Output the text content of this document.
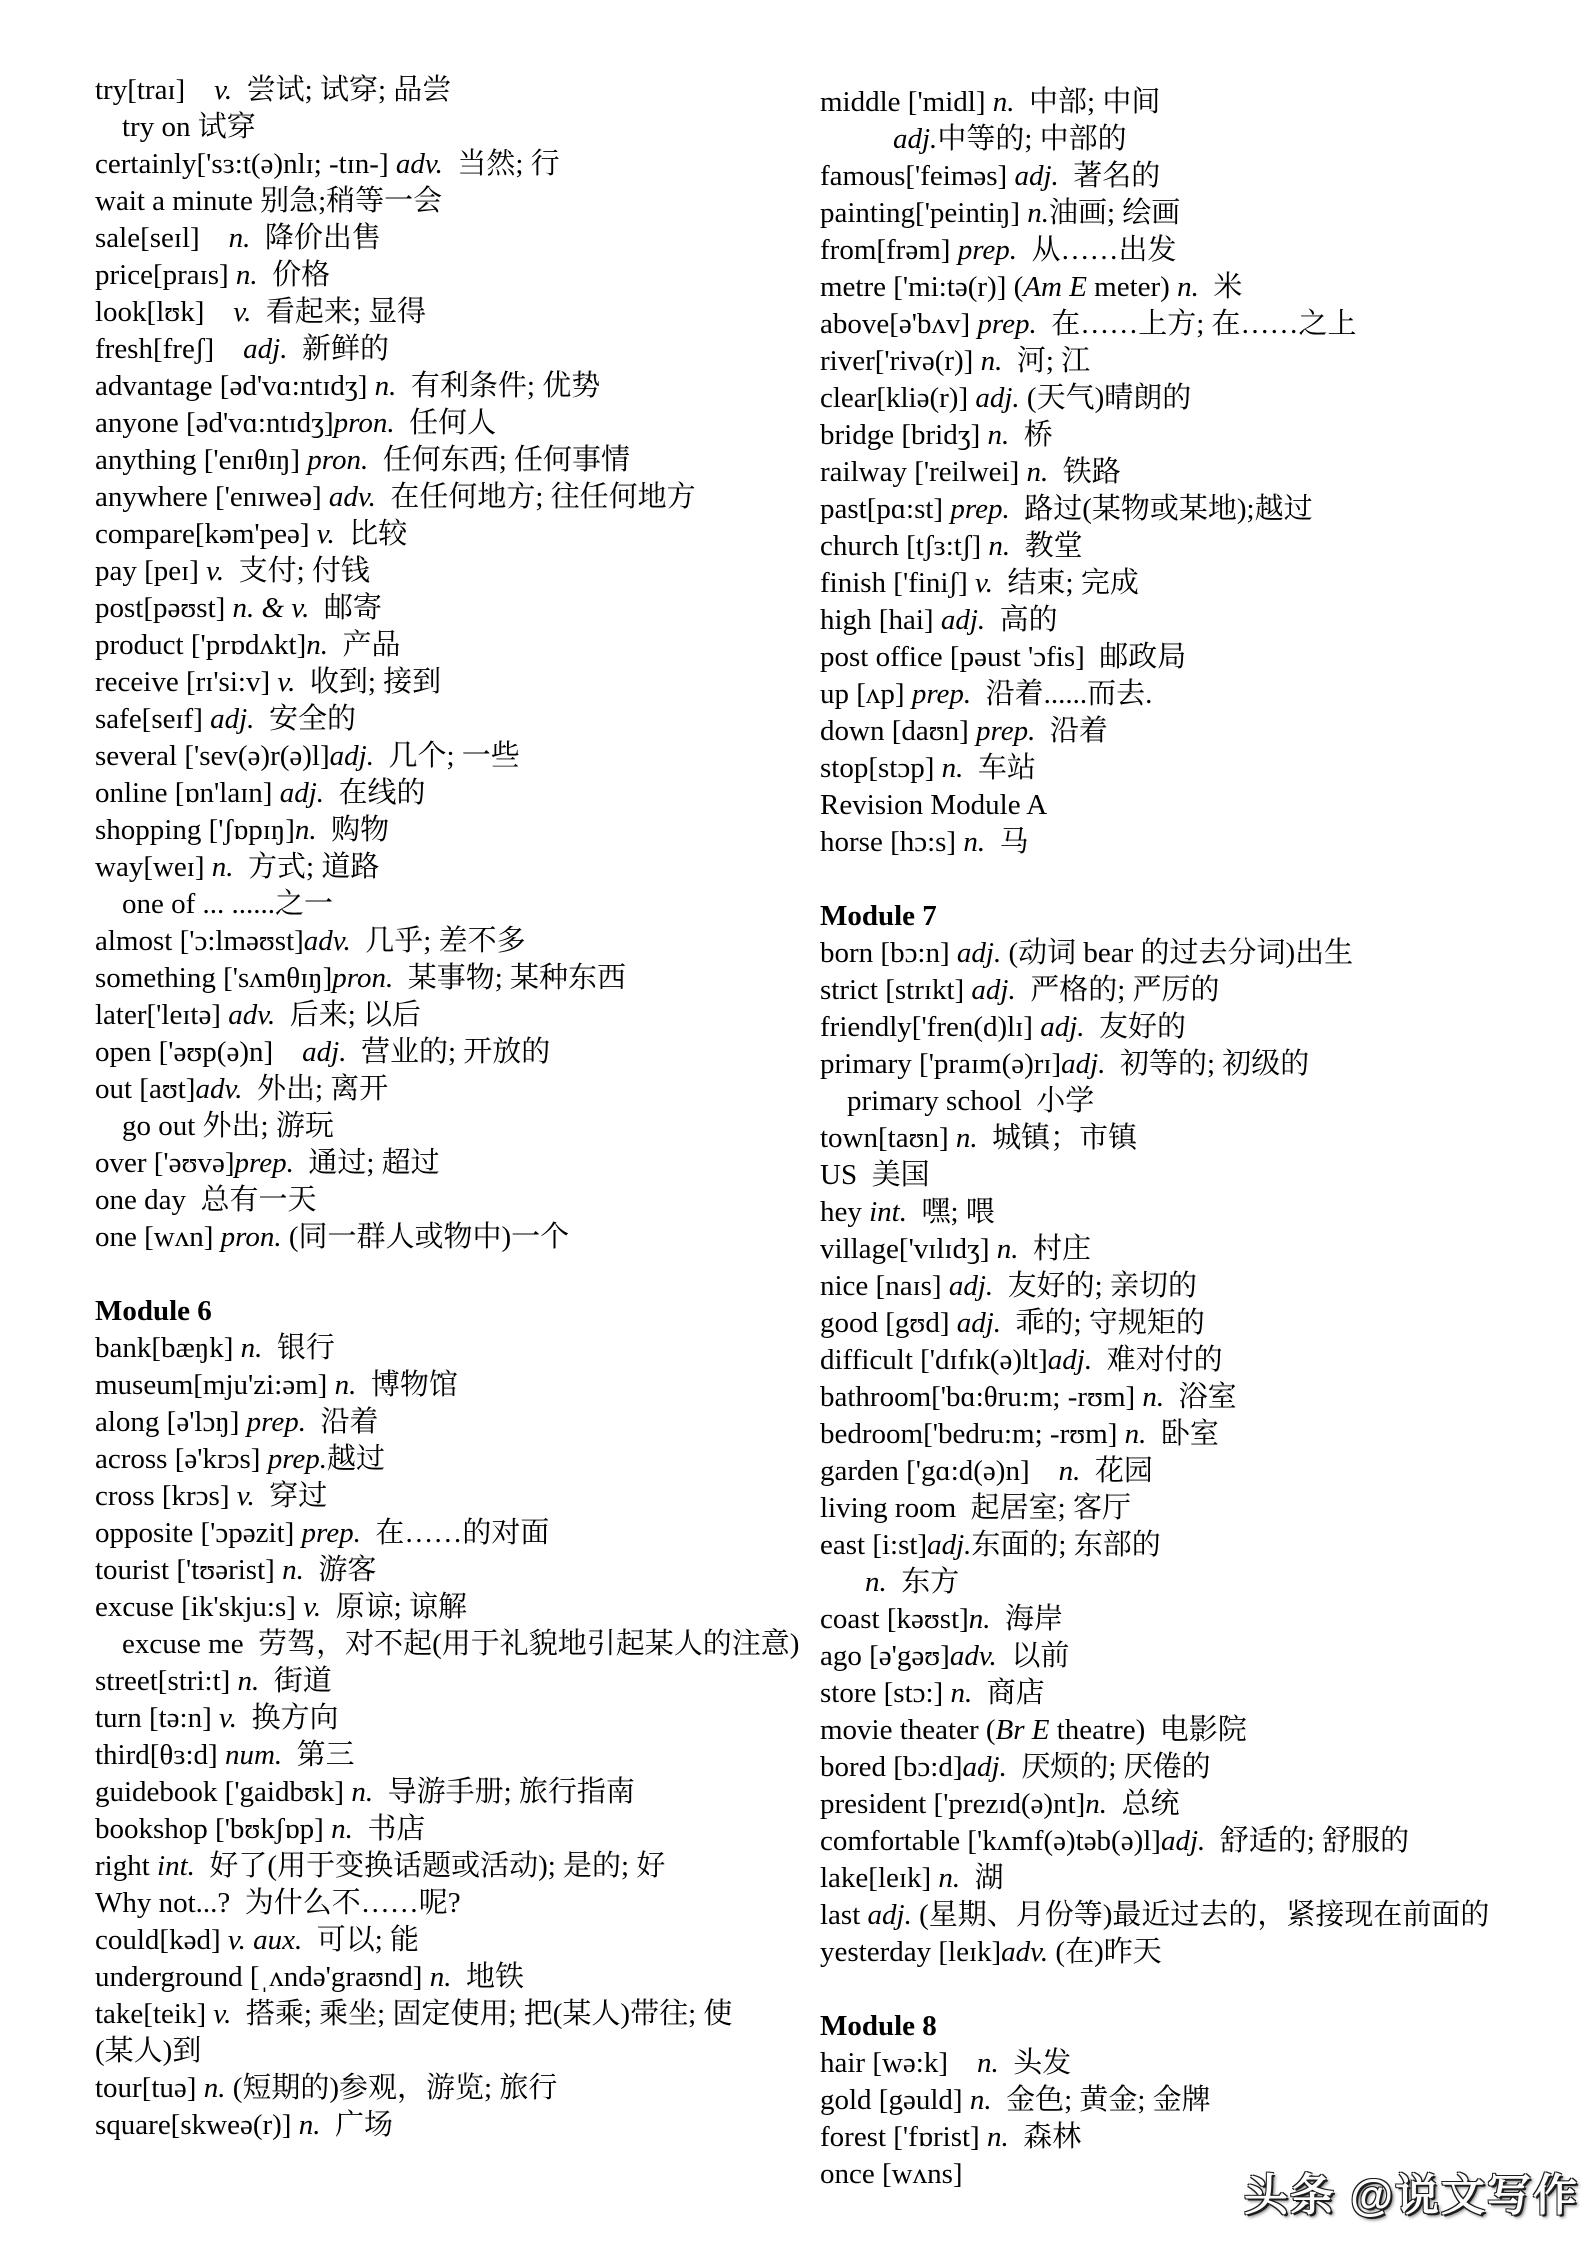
try[traɪ]    v.  尝试; 试穿; 品尝
try on 试穿
certainly['sɜ:t(ə)nlɪ; -tɪn-] adv.  当然; 行
wait a minute 别急;稍等一会
sale[seɪl]    n.  降价出售
price[praɪs] n.  价格
look[lʊk]    v.  看起来; 显得
fresh[freʃ]    adj.  新鲜的
advantage [əd'vɑ:ntɪdʒ] n.  有利条件; 优势
anyone [əd'vɑ:ntɪdʒ]pron.  任何人
anything ['enɪθɪŋ] pron.  任何东西; 任何事情
anywhere ['enɪweə] adv.  在任何地方; 往任何地方
compare[kəm'peə] v.  比较
pay [peɪ] v.  支付; 付钱
post[pəʊst] n. & v.  邮寄
product ['prɒdʌkt]n.  产品
receive [rɪ'si:v] v.  收到; 接到
safe[seɪf] adj.  安全的
several ['sev(ə)r(ə)l]adj.  几个; 一些
online [ɒn'laɪn] adj.  在线的
shopping ['ʃɒpɪŋ]n.  购物
way[weɪ] n.  方式; 道路
one of ... ......之一
almost ['ɔ:lməʊst]adv.  几乎; 差不多
something ['sʌmθɪŋ]pron.  某事物; 某种东西
later['leɪtə] adv.  后来; 以后
open ['əʊp(ə)n]    adj.  营业的; 开放的
out [aʊt]adv.  外出; 离开
go out 外出; 游玩
over ['əʊvə]prep.  通过; 超过
one day  总有一天
one [wʌn] pron. (同一群人或物中)一个
Module 6
bank[bæŋk] n.  银行
museum[mju'zi:əm] n.  博物馆
along [ə'lɔŋ] prep.  沿着
across [ə'krɔs] prep.越过
cross [krɔs] v.  穿过
opposite ['ɔpəzit] prep.  在……的对面
tourist ['tʊərist] n.  游客
excuse [ik'skju:s] v.  原谅; 谅解
excuse me  劳驾，对不起(用于礼貌地引起某人的注意)
street[stri:t] n.  街道
turn [tə:n] v.  换方向
third[θɜ:d] num.  第三
guidebook ['gaidbʊk] n.  导游手册; 旅行指南
bookshop ['bʊkʃɒp] n.  书店
right int.  好了(用于变换话题或活动); 是的; 好
Why not...?  为什么不……呢?
could[kəd] v. aux.  可以; 能
underground [ˌʌndə'graʊnd] n.  地铁
take[teik] v.  搭乘; 乘坐; 固定使用; 把(某人)带往; 使
(某人)到
tour[tuə] n. (短期的)参观，游览; 旅行
square[skweə(r)] n.  广场
middle ['midl] n.  中部; 中间
adj.中等的; 中部的
famous['feiməs] adj.  著名的
painting['peintiŋ] n.油画; 绘画
from[frəm] prep.  从……出发
metre ['mi:tə(r)] (Am E meter) n.  米
above[ə'bʌv] prep.  在……上方; 在……之上
river['rivə(r)] n.  河; 江
clear[kliə(r)] adj. (天气)晴朗的
bridge [bridʒ] n.  桥
railway ['reilwei] n.  铁路
past[pɑ:st] prep.  路过(某物或某地);越过
church [tʃɜ:tʃ] n.  教堂
finish ['finiʃ] v.  结束; 完成
high [hai] adj.  高的
post office [pəust 'ɔfis]  邮政局
up [ʌp] prep.  沿着......而去.
down [daʊn] prep.  沿着
stop[stɔp] n.  车站
Revision Module A
horse [hɔ:s] n.  马
Module 7
born [bɔ:n] adj. (动词 bear 的过去分词)出生
strict [strɪkt] adj.  严格的; 严厉的
friendly['fren(d)lɪ] adj.  友好的
primary ['praɪm(ə)rɪ]adj.  初等的; 初级的
primary school  小学
town[taʊn] n.  城镇；市镇
US  美国
hey int.  嘿; 喂
village['vɪlɪdʒ] n.  村庄
nice [naɪs] adj.  友好的; 亲切的
good [gʊd] adj.  乖的; 守规矩的
difficult ['dɪfɪk(ə)lt]adj.  难对付的
bathroom['bɑ:θru:m; -rʊm] n.  浴室
bedroom['bedru:m; -rʊm] n.  卧室
garden ['gɑ:d(ə)n]    n.  花园
living room  起居室; 客厅
east [i:st]adj.东面的; 东部的
n.  东方
coast [kəʊst]n.  海岸
ago [ə'gəʊ]adv.  以前
store [stɔ:] n.  商店
movie theater (Br E theatre)  电影院
bored [bɔ:d]adj.  厌烦的; 厌倦的
president ['prezɪd(ə)nt]n.  总统
comfortable ['kʌmf(ə)təb(ə)l]adj.  舒适的; 舒服的
lake[leɪk] n.  湖
last adj. (星期、月份等)最近过去的，紧接现在前面的
yesterday [leɪk]adv. (在)昨天
Module 8
hair [wə:k]    n.  头发
gold [gəuld] n.  金色; 黄金; 金牌
forest ['fɒrist] n.  森林
once [wʌns]	头条 @说文写作
